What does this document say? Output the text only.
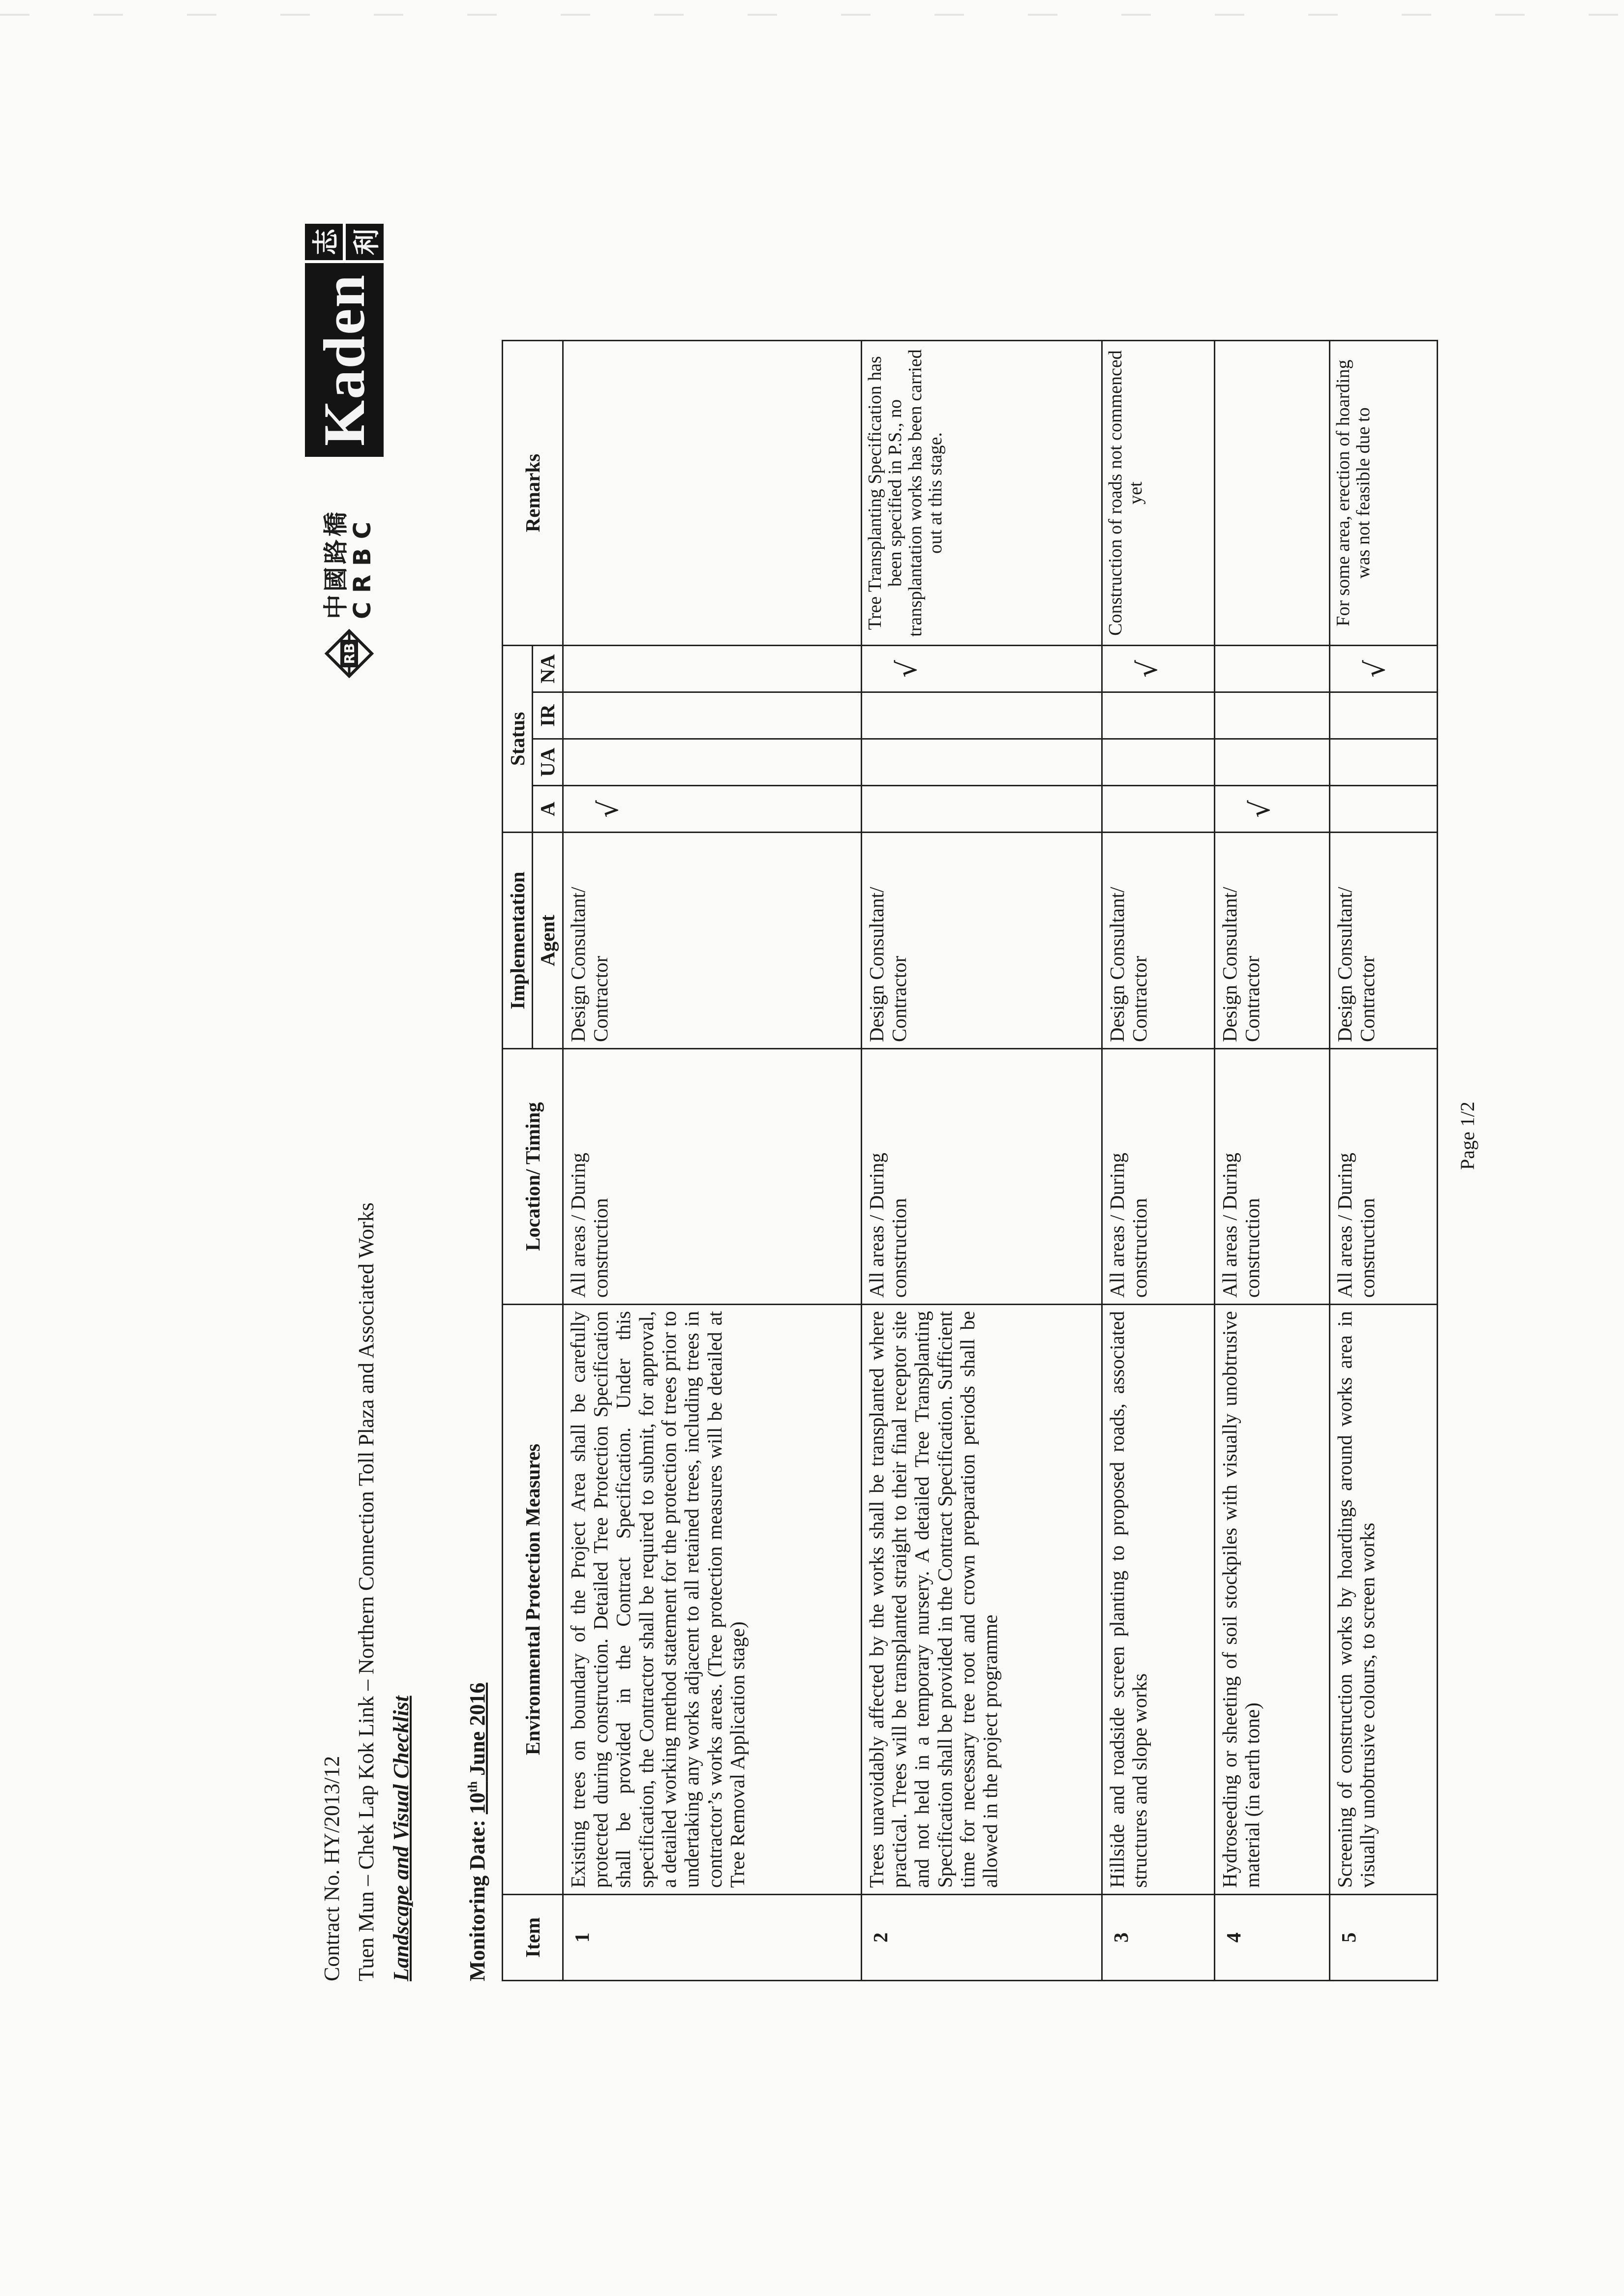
Contract No. HY/2013/12 Tuen Mun – Chek Lap Kok Link – Northern Connection Toll Plaza and Associated Works Landscape and Visual Checklist
RB
中國路橋
CRBC
Kaden
志 利
Monitoring Date: 10th June 2016
Item	Environmental Protection Measures	Location/ Timing	Implementation	Status				Remarks
			Agent	A	UA	IR	NA	
1	Existing trees on boundary of the Project Area shall be carefully protected during construction. Detailed Tree Protection Specification shall be provided in the Contract Specification. Under this specification, the Contractor shall be required to submit, for approval, a detailed working method statement for the protection of trees prior to undertaking any works adjacent to all retained trees, including trees in contractor’s works areas. (Tree protection measures will be detailed at Tree Removal Application stage)	All areas / During construction	Design Consultant/ Contractor	√				
2	Trees unavoidably affected by the works shall be transplanted where practical. Trees will be transplanted straight to their final receptor site and not held in a temporary nursery. A detailed Tree Transplanting Specification shall be provided in the Contract Specification. Sufficient time for necessary tree root and crown preparation periods shall be allowed in the project programme	All areas / During construction	Design Consultant/ Contractor				√	Tree Transplanting Specification has been specified in P.S., no transplantation works has been carried out at this stage.
3	Hillside and roadside screen planting to proposed roads, associated structures and slope works	All areas / During construction	Design Consultant/ Contractor				√	Construction of roads not commenced yet
4	Hydroseeding or sheeting of soil stockpiles with visually unobtrusive material (in earth tone)	All areas / During construction	Design Consultant/ Contractor	√				
5	Screening of construction works by hoardings around works area in visually unobtrusive colours, to screen works	All areas / During construction	Design Consultant/ Contractor				√	For some area, erection of hoarding was not feasible due to
Page 1/2
